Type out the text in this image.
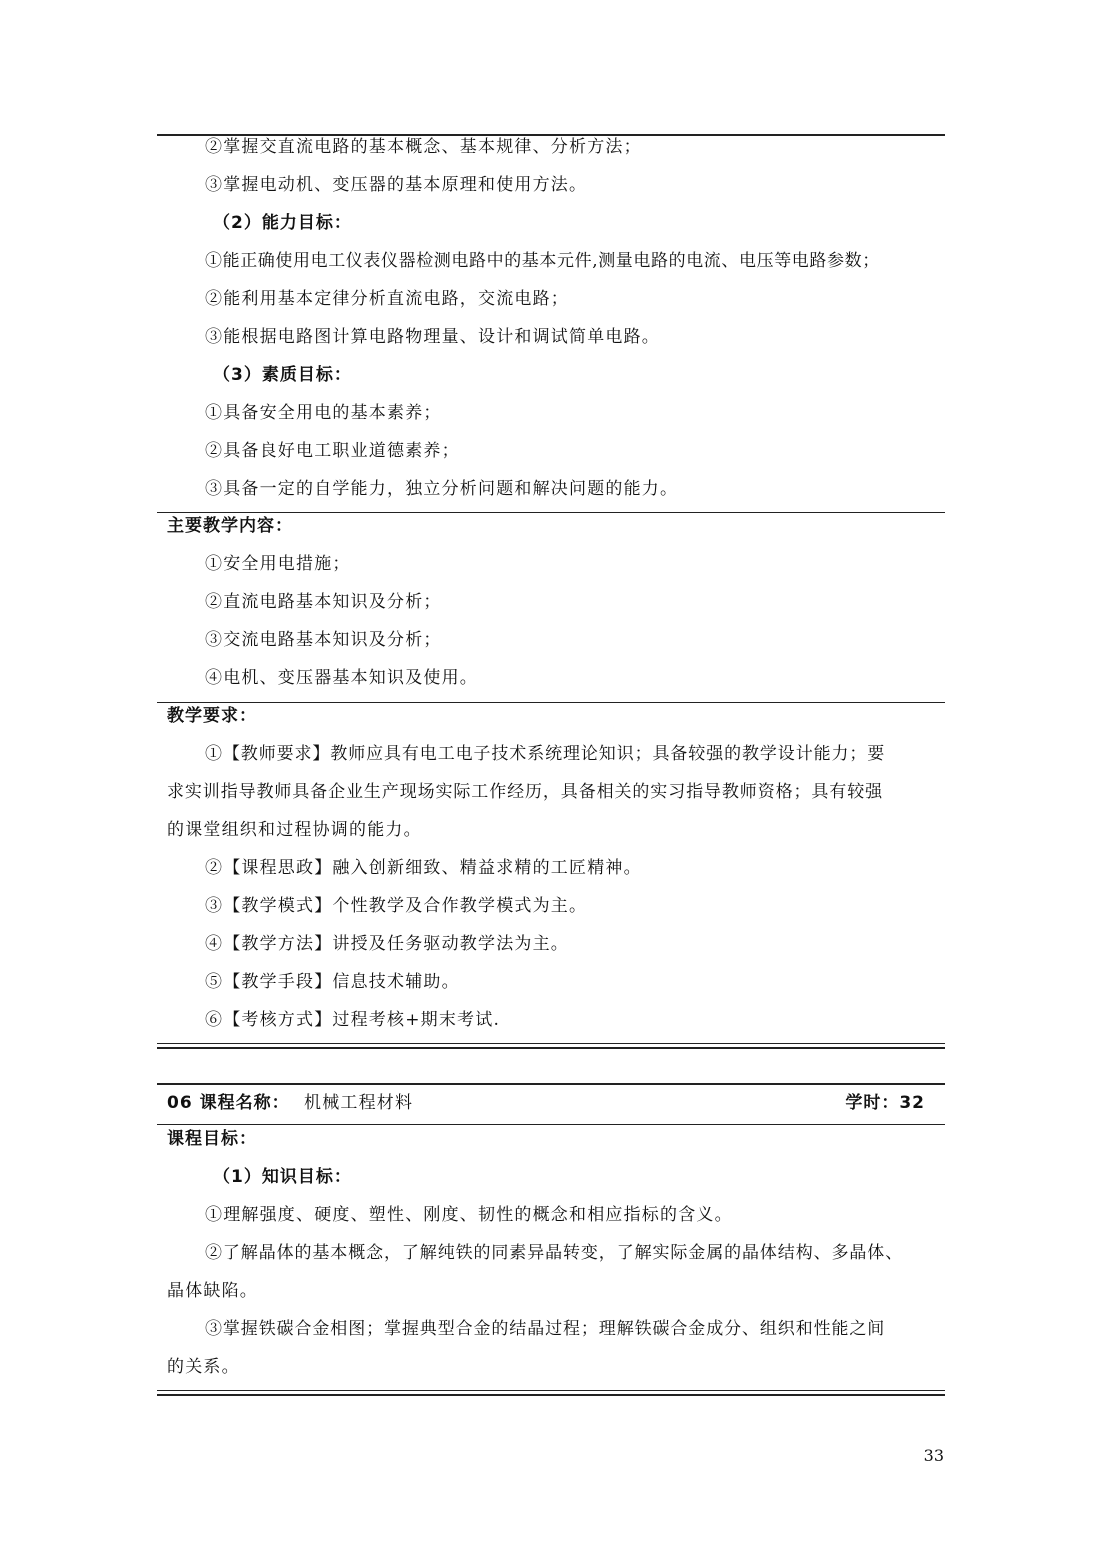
②掌握交直流电路的基本概念、基本规律、分析方法；
③掌握电动机、变压器的基本原理和使用方法。
（2）能力目标：
①能正确使用电工仪表仪器检测电路中的基本元件,测量电路的电流、电压等电路参数；
②能利用基本定律分析直流电路，交流电路；
③能根据电路图计算电路物理量、设计和调试简单电路。
（3）素质目标：
①具备安全用电的基本素养；
②具备良好电工职业道德素养；
③具备一定的自学能力，独立分析问题和解决问题的能力。
主要教学内容：
①安全用电措施；
②直流电路基本知识及分析；
③交流电路基本知识及分析；
④电机、变压器基本知识及使用。
教学要求：
①【教师要求】教师应具有电工电子技术系统理论知识；具备较强的教学设计能力；要
求实训指导教师具备企业生产现场实际工作经历，具备相关的实习指导教师资格；具有较强
的课堂组织和过程协调的能力。
②【课程思政】融入创新细致、精益求精的工匠精神。
③【教学模式】个性教学及合作教学模式为主。
④【教学方法】讲授及任务驱动教学法为主。
⑤【教学手段】信息技术辅助。
⑥【考核方式】过程考核+期末考试.
06 课程名称： 机械工程材料	学时：32
课程目标：
（1）知识目标：
①理解强度、硬度、塑性、刚度、韧性的概念和相应指标的含义。
②了解晶体的基本概念，了解纯铁的同素异晶转变，了解实际金属的晶体结构、多晶体、
晶体缺陷。
③掌握铁碳合金相图；掌握典型合金的结晶过程；理解铁碳合金成分、组织和性能之间
的关系。
33
